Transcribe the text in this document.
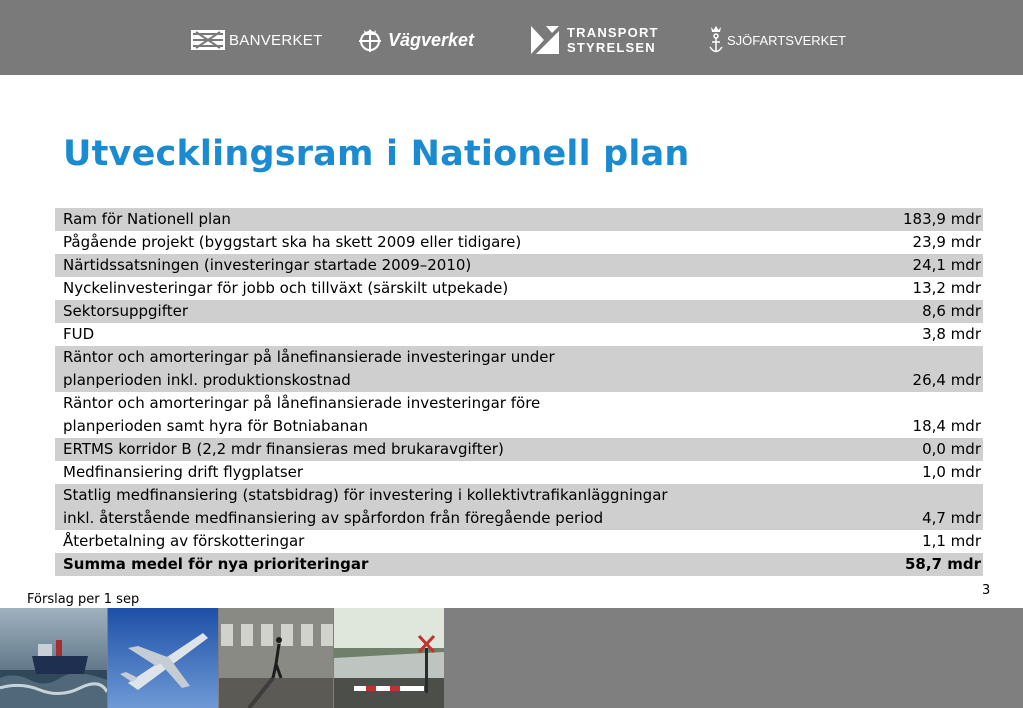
BANVERKET	Vägverket	TRANSPORT
STYRELSEN	SJÖFARTSVERKET
Utvecklingsram i Nationell plan
Ram för Nationell plan	183,9 mdr
Pågående projekt (byggstart ska ha skett 2009 eller tidigare)	23,9 mdr
Närtidssatsningen (investeringar startade 2009–2010)	24,1 mdr
Nyckelinvesteringar för jobb och tillväxt (särskilt utpekade)	13,2 mdr
Sektorsuppgifter	8,6 mdr
FUD	3,8 mdr
Räntor och amorteringar på lånefinansierade investeringar under
planperioden inkl. produktionskostnad	26,4 mdr
Räntor och amorteringar på lånefinansierade investeringar före
planperioden samt hyra för Botniabanan	18,4 mdr
ERTMS korridor B (2,2 mdr finansieras med brukaravgifter)	0,0 mdr
Medfinansiering drift flygplatser	1,0 mdr
Statlig medfinansiering (statsbidrag) för investering i kollektivtrafikanläggningar
inkl. återstående medfinansiering av spårfordon från föregående period	4,7 mdr
Återbetalning av förskotteringar	1,1 mdr
Summa medel för nya prioriteringar	58,7 mdr
Förslag per 1 sep
3
